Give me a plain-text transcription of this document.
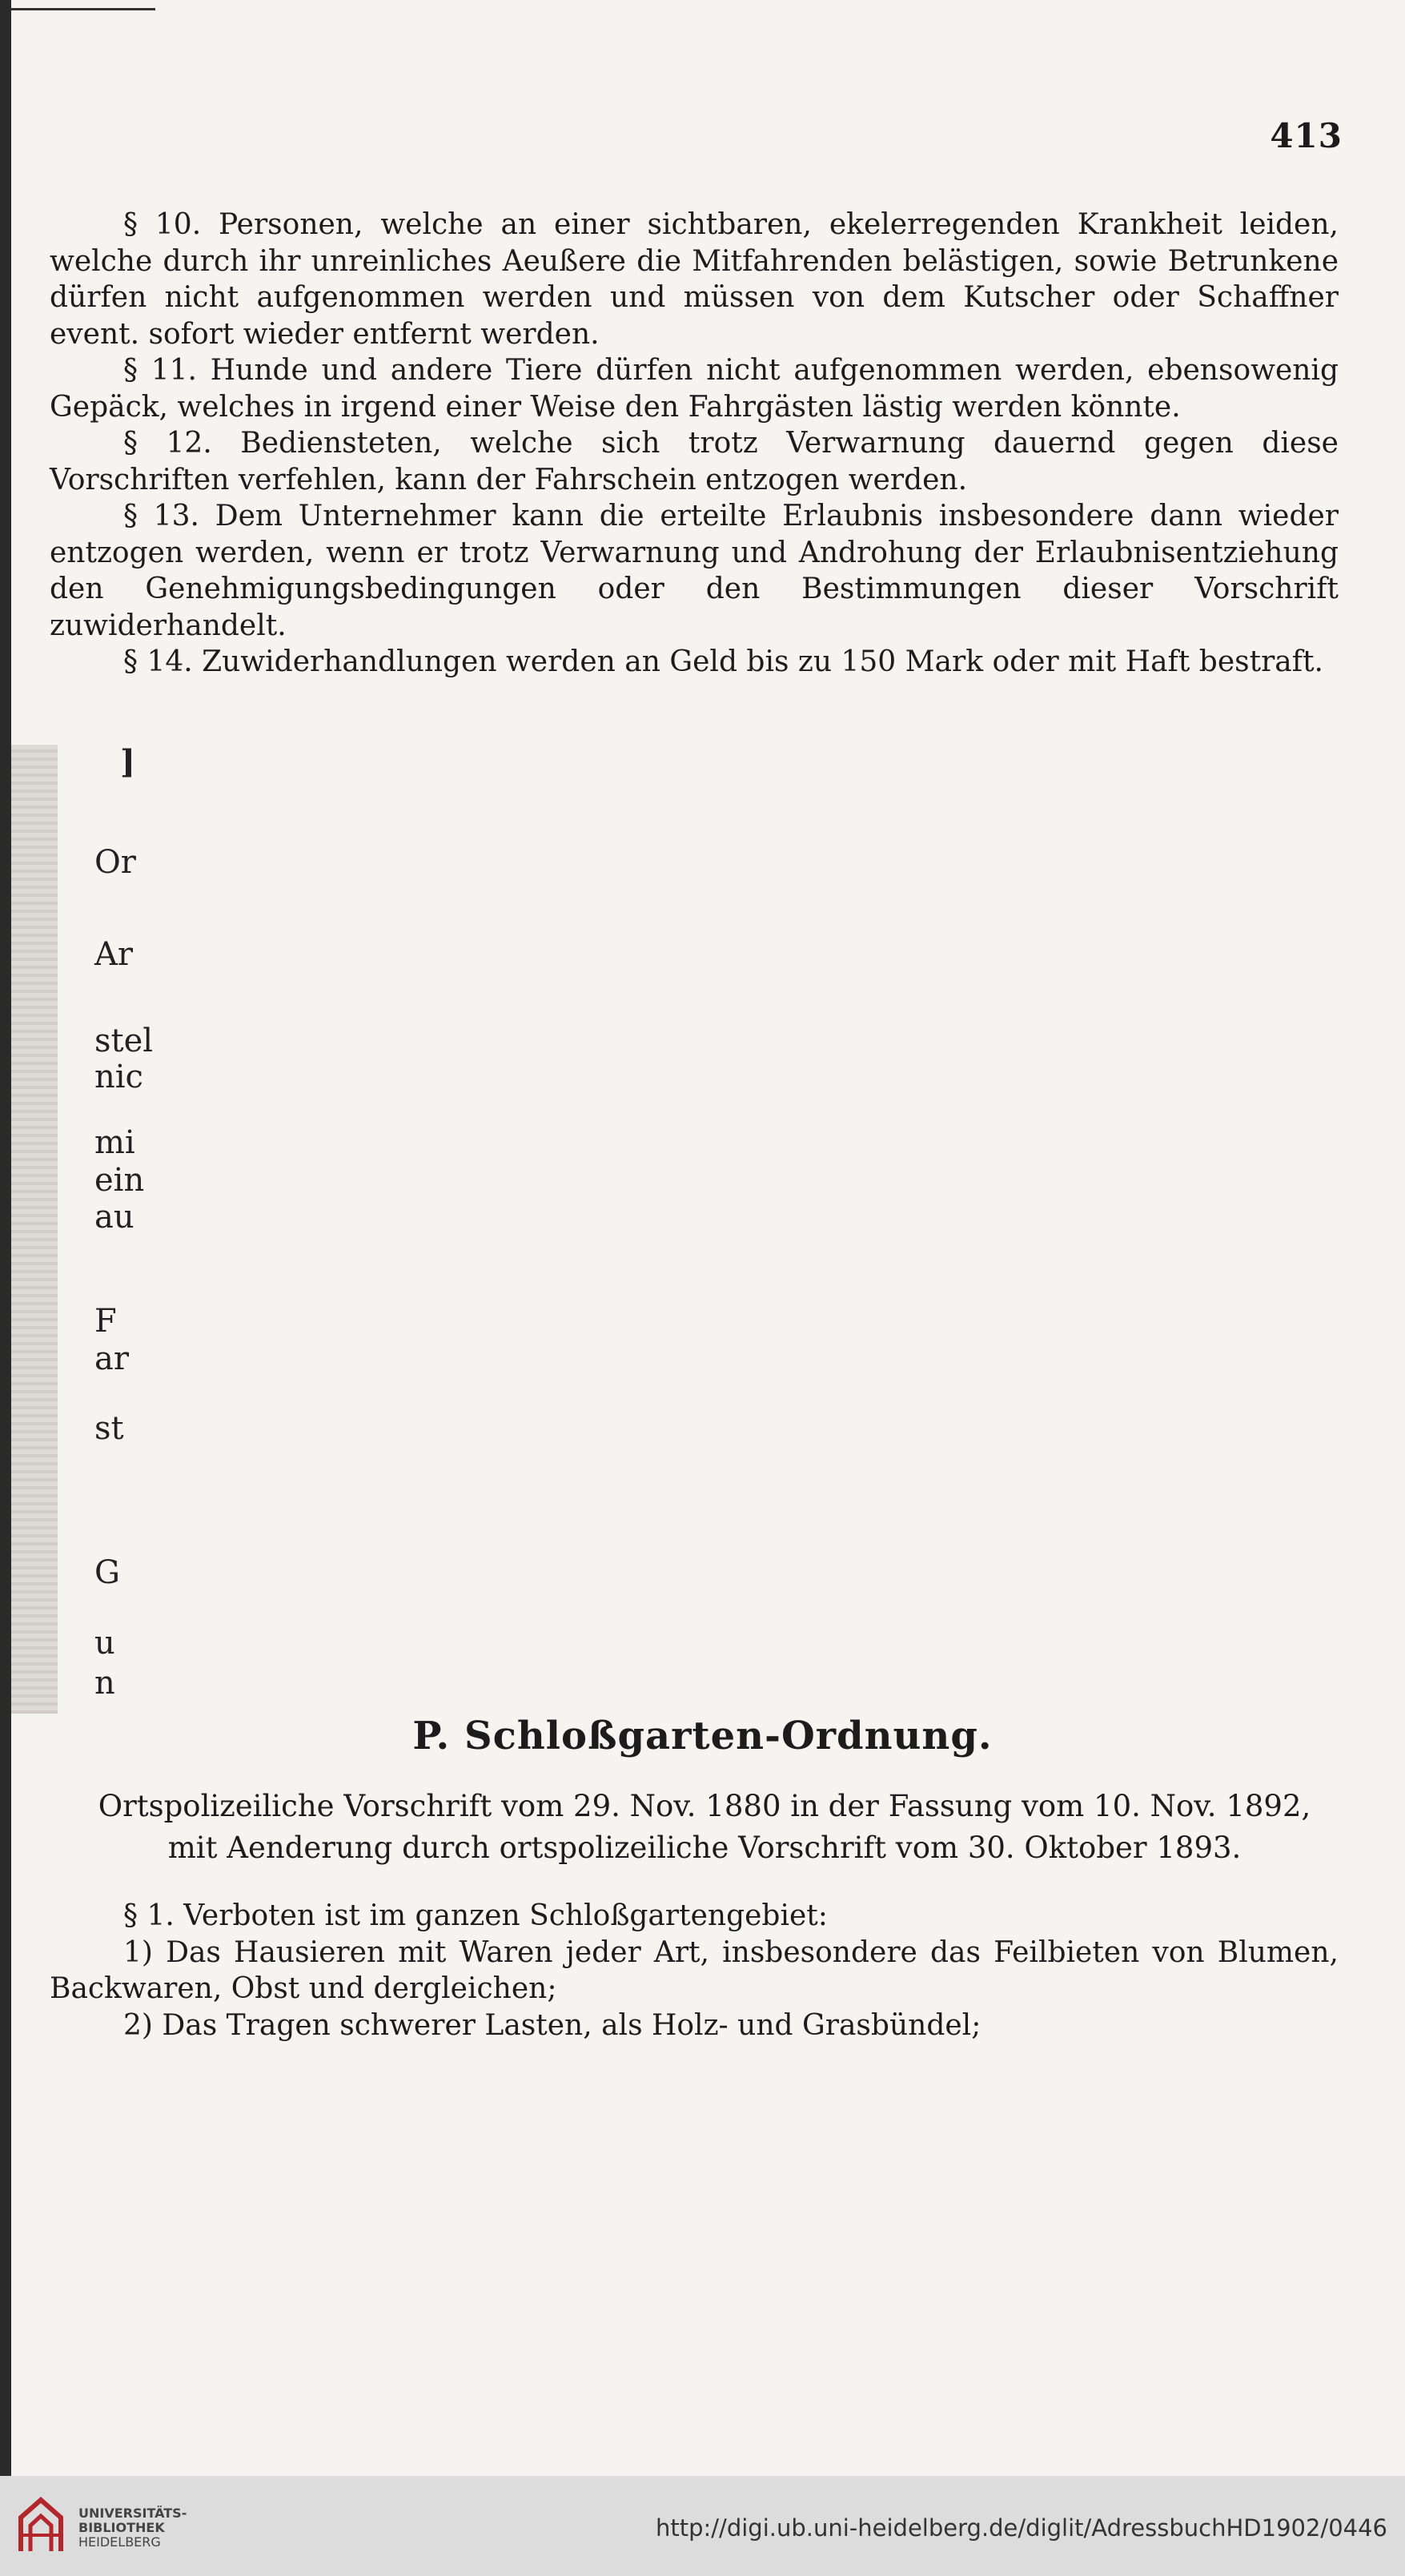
413

§ 10. Personen, welche an einer sichtbaren, ekelerregenden Krankheit leiden, welche durch ihr unreinliches Aeußere die Mitfahrenden belästigen, sowie Betrunkene dürfen nicht aufgenommen werden und müssen von dem Kutscher oder Schaffner event. sofort wieder entfernt werden.

§ 11. Hunde und andere Tiere dürfen nicht aufgenommen werden, ebensowenig Gepäck, welches in irgend einer Weise den Fahrgästen lästig werden könnte.

§ 12. Bediensteten, welche sich trotz Verwarnung dauernd gegen diese Vorschriften verfehlen, kann der Fahrschein entzogen werden.

§ 13. Dem Unternehmer kann die erteilte Erlaubnis insbesondere dann wieder entzogen werden, wenn er trotz Verwarnung und Androhung der Erlaubnisentziehung den Genehmigungsbedingungen oder den Bestimmungen dieser Vorschrift zuwiderhandelt.

§ 14. Zuwiderhandlungen werden an Geld bis zu 150 Mark oder mit Haft bestraft.

]
Or
Ar
stel
nic
mi
ein
au
F
ar
st
G
u
n
P. Schloßgarten-Ordnung.
Ortspolizeiliche Vorschrift vom 29. Nov. 1880 in der Fassung vom 10. Nov. 1892,
mit Aenderung durch ortspolizeiliche Vorschrift vom 30. Oktober 1893.

§ 1. Verboten ist im ganzen Schloßgartengebiet:

1) Das Hausieren mit Waren jeder Art, insbesondere das Feilbieten von Blumen, Backwaren, Obst und dergleichen;

2) Das Tragen schwerer Lasten, als Holz- und Grasbündel;

UNIVERSITÄTS-
BIBLIOTHEK
HEIDELBERG
http://digi.ub.uni-heidelberg.de/diglit/AdressbuchHD1902/0446
